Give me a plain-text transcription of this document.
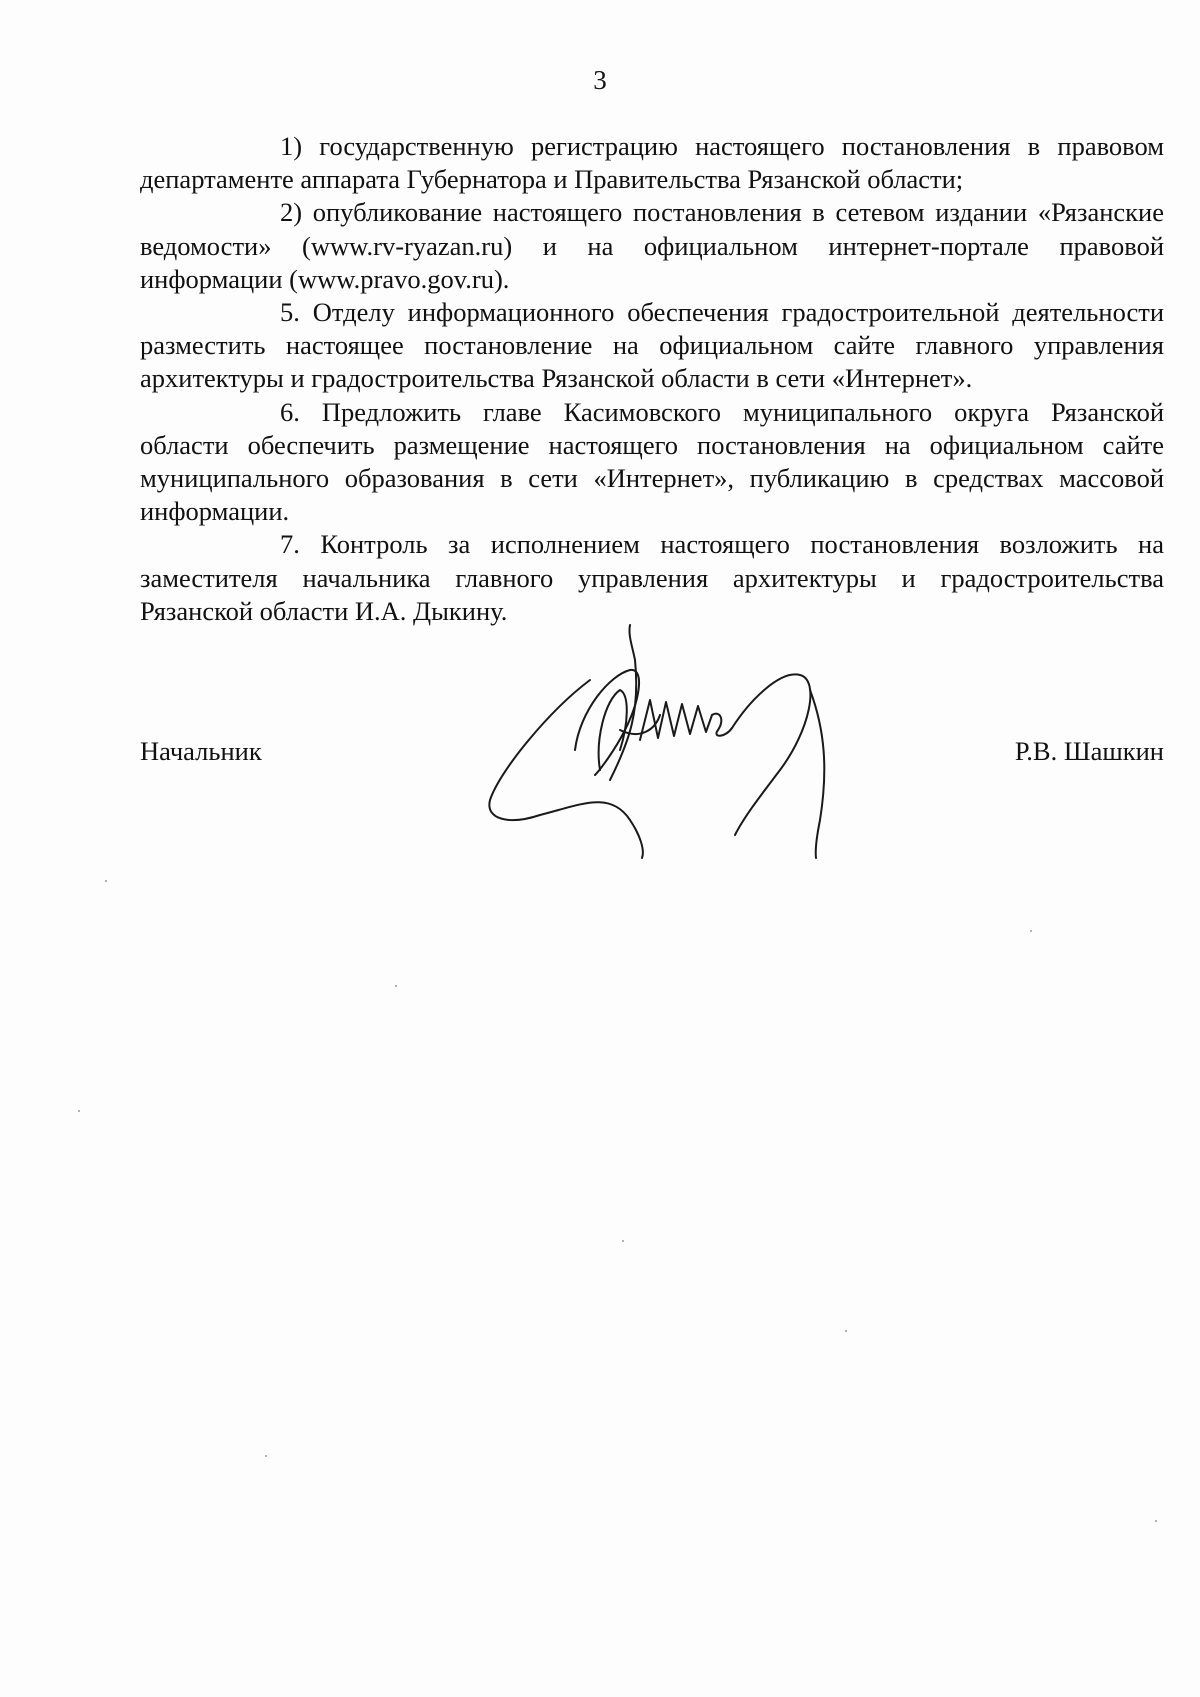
3

1) государственную регистрацию настоящего постановления в правовом департаменте аппарата Губернатора и Правительства Рязанской области;

2) опубликование настоящего постановления в сетевом издании «Рязанские ведомости» (www.rv-ryazan.ru) и на официальном интернет-портале правовой информации (www.pravo.gov.ru).

5. Отделу информационного обеспечения градостроительной деятельности разместить настоящее постановление на официальном сайте главного управления архитектуры и градостроительства Рязанской области в сети «Интернет».

6. Предложить главе Касимовского муниципального округа Рязанской области обеспечить размещение настоящего постановления на официальном сайте муниципального образования в сети «Интернет», публикацию в средствах массовой информации.

7. Контроль за исполнением настоящего постановления возложить на заместителя начальника главного управления архитектуры и градостроительства Рязанской области И.А. Дыкину.

Начальник	Р.В. Шашкин
